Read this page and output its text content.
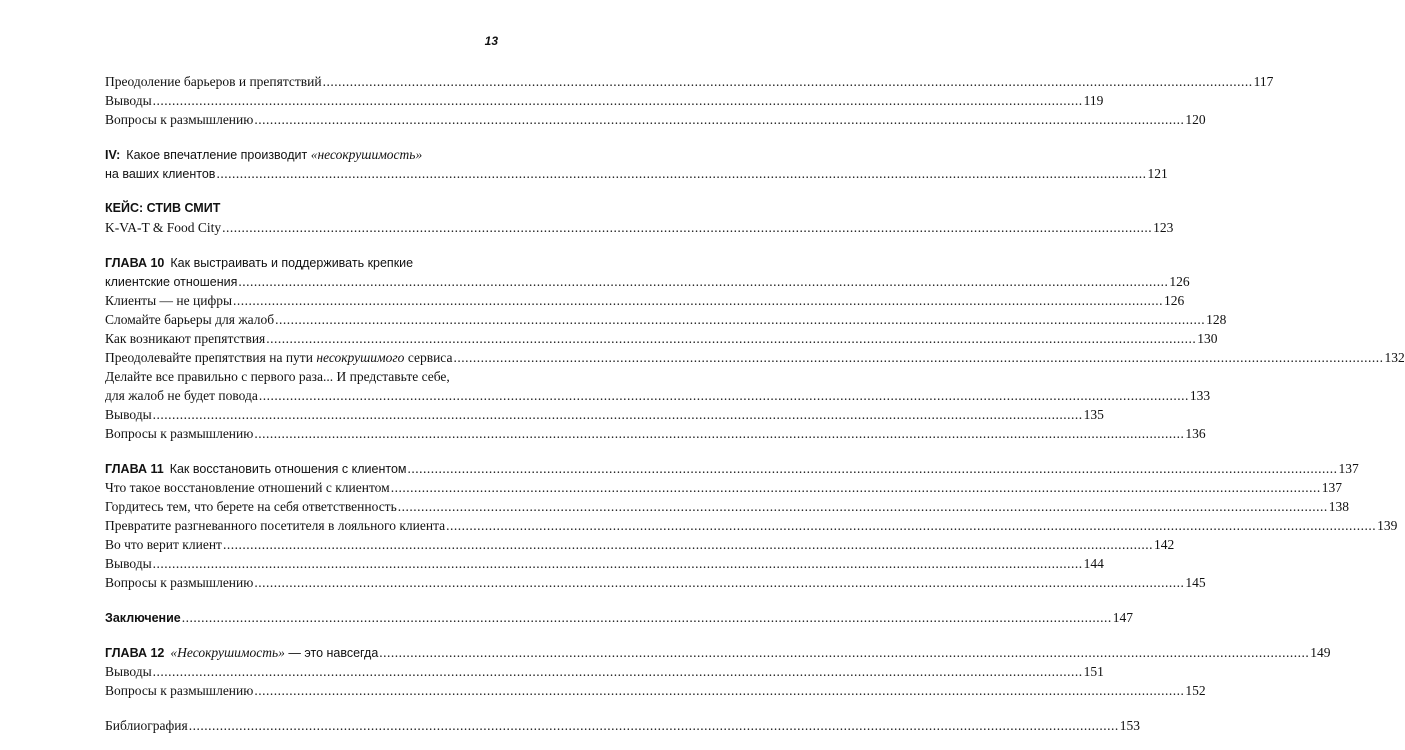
13
Преодоление барьеров и препятствий .....	117
Выводы .....	119
Вопросы к размышлению .....	120
IV: Какое впечатление производит «несокрушимость»
на ваших клиентов .....	121
КЕЙС: СТИВ СМИТ
K-VA-T & Food City .....	123
ГЛАВА 10 Как выстраивать и поддерживать крепкие
клиентские отношения .....	126
Клиенты — не цифры .....	126
Сломайте барьеры для жалоб .....	128
Как возникают препятствия .....	130
Преодолевайте препятствия на пути несокрушимого сервиса .....	132
Делайте все правильно с первого раза... И представьте себе,
для жалоб не будет повода .....	133
Выводы .....	135
Вопросы к размышлению .....	136
ГЛАВА 11 Как восстановить отношения с клиентом .....	137
Что такое восстановление отношений с клиентом .....	137
Гордитесь тем, что берете на себя ответственность .....	138
Превратите разгневанного посетителя в лояльного клиента .....	139
Во что верит клиент .....	142
Выводы .....	144
Вопросы к размышлению .....	145
Заключение .....	147
ГЛАВА 12 «Несокрушимость» — это навсегда .....	149
Выводы .....	151
Вопросы к размышлению .....	152
Библиография .....	153
